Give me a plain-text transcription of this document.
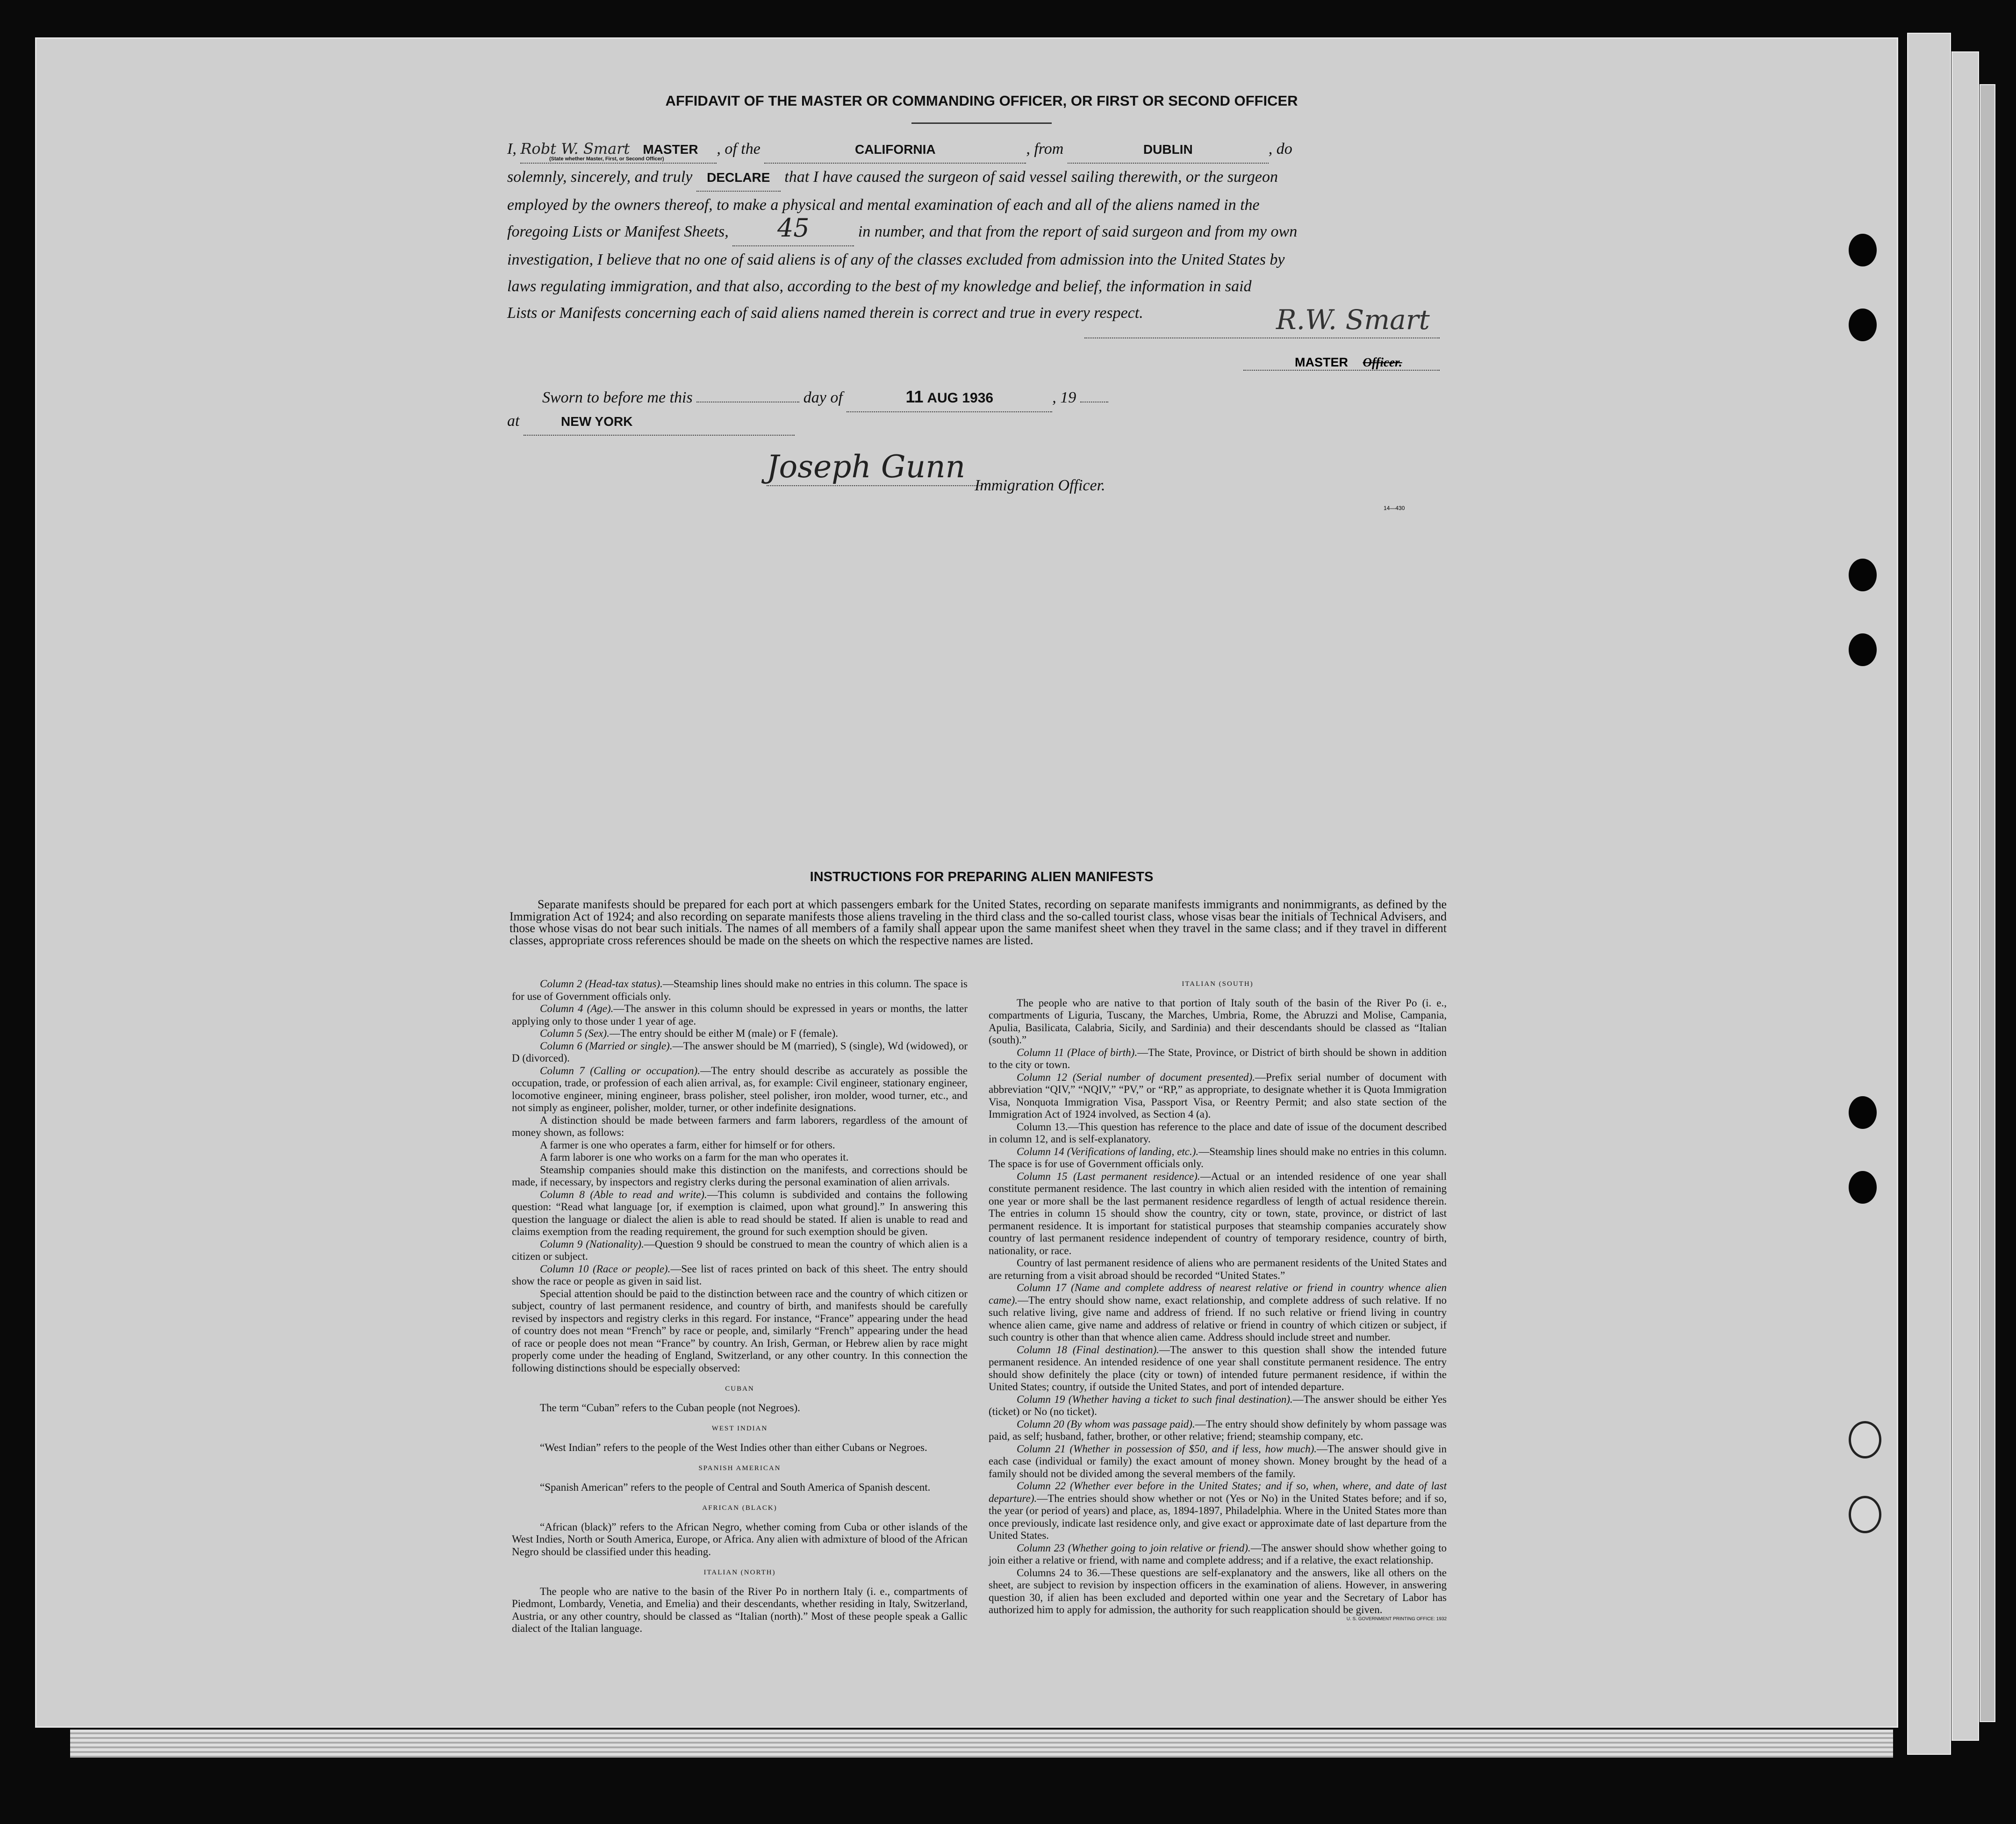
AFFIDAVIT OF THE MASTER OR COMMANDING OFFICER, OR FIRST OR SECOND OFFICER
I, Robt W. Smart MASTER , of the	CALIFORNIA	, from	DUBLIN	, do
(State whether Master, First, or Second Officer)
solemnly, sincerely, and truly DECLARE that I have caused the surgeon of said vessel sailing therewith, or the surgeon
employed by the owners thereof, to make a physical and mental examination of each and all of the aliens named in the
foregoing Lists or Manifest Sheets, 45	in number, and that from the report of said surgeon and from my own
investigation, I believe that no one of said aliens is of any of the classes excluded from admission into the United States by
laws regulating immigration, and that also, according to the best of my knowledge and belief, the information in said
Lists or Manifests concerning each of said aliens named therein is correct and true in every respect.	R.W. Smart
MASTER Officer.
Sworn to before me this	day of	11 AUG 1936	, 19
at	NEW YORK
Joseph Gunn
Immigration Officer.
14—430
INSTRUCTIONS FOR PREPARING ALIEN MANIFESTS

Separate manifests should be prepared for each port at which passengers embark for the United States, recording on separate manifests immigrants and nonimmigrants, as defined by the Immigration Act of 1924; and also recording on separate manifests those aliens traveling in the third class and the so-called tourist class, whose visas bear the initials of Technical Advisers, and those whose visas do not bear such initials. The names of all members of a family shall appear upon the same manifest sheet when they travel in the same class; and if they travel in different classes, appropriate cross references should be made on the sheets on which the respective names are listed.

Column 2 (Head-tax status).—Steamship lines should make no entries in this column. The space is for use of Government officials only.

Column 4 (Age).—The answer in this column should be expressed in years or months, the latter applying only to those under 1 year of age.

Column 5 (Sex).—The entry should be either M (male) or F (female).

Column 6 (Married or single).—The answer should be M (married), S (single), Wd (widowed), or D (divorced).

Column 7 (Calling or occupation).—The entry should describe as accurately as possible the occupation, trade, or profession of each alien arrival, as, for example: Civil engineer, stationary engineer, locomotive engineer, mining engineer, brass polisher, steel polisher, iron molder, wood turner, etc., and not simply as engineer, polisher, molder, turner, or other indefinite designations.

A distinction should be made between farmers and farm laborers, regardless of the amount of money shown, as follows:

A farmer is one who operates a farm, either for himself or for others.

A farm laborer is one who works on a farm for the man who operates it.

Steamship companies should make this distinction on the manifests, and corrections should be made, if necessary, by inspectors and registry clerks during the personal examination of alien arrivals.

Column 8 (Able to read and write).—This column is subdivided and contains the following question: “Read what language [or, if exemption is claimed, upon what ground].” In answering this question the language or dialect the alien is able to read should be stated. If alien is unable to read and claims exemption from the reading requirement, the ground for such exemption should be given.

Column 9 (Nationality).—Question 9 should be construed to mean the country of which alien is a citizen or subject.

Column 10 (Race or people).—See list of races printed on back of this sheet. The entry should show the race or people as given in said list.

Special attention should be paid to the distinction between race and the country of which citizen or subject, country of last permanent residence, and country of birth, and manifests should be carefully revised by inspectors and registry clerks in this regard. For instance, “France” appearing under the head of country does not mean “French” by race or people, and, similarly “French” appearing under the head of race or people does not mean “France” by country. An Irish, German, or Hebrew alien by race might properly come under the heading of England, Switzerland, or any other country. In this connection the following distinctions should be especially observed:

CUBAN

The term “Cuban” refers to the Cuban people (not Negroes).

WEST INDIAN

“West Indian” refers to the people of the West Indies other than either Cubans or Negroes.

SPANISH AMERICAN

“Spanish American” refers to the people of Central and South America of Spanish descent.

AFRICAN (BLACK)

“African (black)” refers to the African Negro, whether coming from Cuba or other islands of the West Indies, North or South America, Europe, or Africa. Any alien with admixture of blood of the African Negro should be classified under this heading.

ITALIAN (NORTH)

The people who are native to the basin of the River Po in northern Italy (i. e., compartments of Piedmont, Lombardy, Venetia, and Emelia) and their descendants, whether residing in Italy, Switzerland, Austria, or any other country, should be classed as “Italian (north).” Most of these people speak a Gallic dialect of the Italian language.

ITALIAN (SOUTH)

The people who are native to that portion of Italy south of the basin of the River Po (i. e., compartments of Liguria, Tuscany, the Marches, Umbria, Rome, the Abruzzi and Molise, Campania, Apulia, Basilicata, Calabria, Sicily, and Sardinia) and their descendants should be classed as “Italian (south).”

Column 11 (Place of birth).—The State, Province, or District of birth should be shown in addition to the city or town.

Column 12 (Serial number of document presented).—Prefix serial number of document with abbreviation “QIV,” “NQIV,” “PV,” or “RP,” as appropriate, to designate whether it is Quota Immigration Visa, Nonquota Immigration Visa, Passport Visa, or Reentry Permit; and also state section of the Immigration Act of 1924 involved, as Section 4 (a).

Column 13.—This question has reference to the place and date of issue of the document described in column 12, and is self-explanatory.

Column 14 (Verifications of landing, etc.).—Steamship lines should make no entries in this column. The space is for use of Government officials only.

Column 15 (Last permanent residence).—Actual or an intended residence of one year shall constitute permanent residence. The last country in which alien resided with the intention of remaining one year or more shall be the last permanent residence regardless of length of actual residence therein. The entries in column 15 should show the country, city or town, state, province, or district of last permanent residence. It is important for statistical purposes that steamship companies accurately show country of last permanent residence independent of country of temporary residence, country of birth, nationality, or race.

Country of last permanent residence of aliens who are permanent residents of the United States and are returning from a visit abroad should be recorded “United States.”

Column 17 (Name and complete address of nearest relative or friend in country whence alien came).—The entry should show name, exact relationship, and complete address of such relative. If no such relative living, give name and address of friend. If no such relative or friend living in country whence alien came, give name and address of relative or friend in country of which citizen or subject, if such country is other than that whence alien came. Address should include street and number.

Column 18 (Final destination).—The answer to this question shall show the intended future permanent residence. An intended residence of one year shall constitute permanent residence. The entry should show definitely the place (city or town) of intended future permanent residence, if within the United States; country, if outside the United States, and port of intended departure.

Column 19 (Whether having a ticket to such final destination).—The answer should be either Yes (ticket) or No (no ticket).

Column 20 (By whom was passage paid).—The entry should show definitely by whom passage was paid, as self; husband, father, brother, or other relative; friend; steamship company, etc.

Column 21 (Whether in possession of $50, and if less, how much).—The answer should give in each case (individual or family) the exact amount of money shown. Money brought by the head of a family should not be divided among the several members of the family.

Column 22 (Whether ever before in the United States; and if so, when, where, and date of last departure).—The entries should show whether or not (Yes or No) in the United States before; and if so, the year (or period of years) and place, as, 1894-1897, Philadelphia. Where in the United States more than once previously, indicate last residence only, and give exact or approximate date of last departure from the United States.

Column 23 (Whether going to join relative or friend).—The answer should show whether going to join either a relative or friend, with name and complete address; and if a relative, the exact relationship.

Columns 24 to 36.—These questions are self-explanatory and the answers, like all others on the sheet, are subject to revision by inspection officers in the examination of aliens. However, in answering question 30, if alien has been excluded and deported within one year and the Secretary of Labor has authorized him to apply for admission, the authority for such reapplication should be given.

U. S. GOVERNMENT PRINTING OFFICE: 1932
